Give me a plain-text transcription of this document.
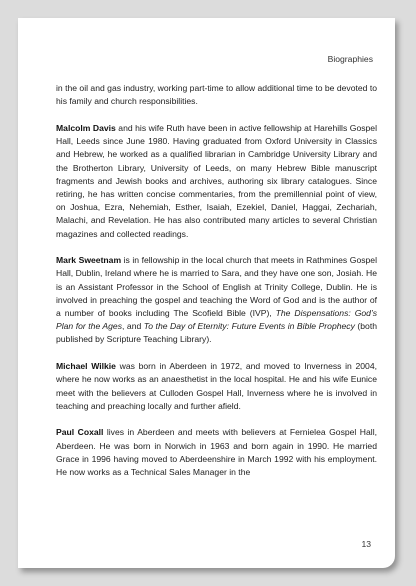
Biographies

in the oil and gas industry, working part-time to allow additional time to be devoted to his family and church responsibilities.

Malcolm Davis and his wife Ruth have been in active fellowship at Harehills Gospel Hall, Leeds since June 1980. Having graduated from Oxford University in Classics and Hebrew, he worked as a qualified librarian in Cambridge University Library and the Brotherton Library, University of Leeds, on many Hebrew Bible manuscript fragments and Jewish books and archives, authoring six library catalogues. Since retiring, he has written concise commentaries, from the premillennial point of view, on Joshua, Ezra, Nehemiah, Esther, Isaiah, Ezekiel, Daniel, Haggai, Zechariah, Malachi, and Revelation. He has also contributed many articles to several Christian magazines and collected readings.

Mark Sweetnam is in fellowship in the local church that meets in Rathmines Gospel Hall, Dublin, Ireland where he is married to Sara, and they have one son, Josiah. He is an Assistant Professor in the School of English at Trinity College, Dublin. He is involved in preaching the gospel and teaching the Word of God and is the author of a number of books including The Scofield Bible (IVP), The Dispensations: God’s Plan for the Ages, and To the Day of Eternity: Future Events in Bible Prophecy (both published by Scripture Teaching Library).

Michael Wilkie was born in Aberdeen in 1972, and moved to Inverness in 2004, where he now works as an anaesthetist in the local hospital. He and his wife Eunice meet with the believers at Culloden Gospel Hall, Inverness where he is involved in teaching and preaching locally and further afield.

Paul Coxall lives in Aberdeen and meets with believers at Fernielea Gospel Hall, Aberdeen. He was born in Norwich in 1963 and born again in 1990. He married Grace in 1996 having moved to Aberdeenshire in March 1992 with his employment. He now works as a Technical Sales Manager in the

13
